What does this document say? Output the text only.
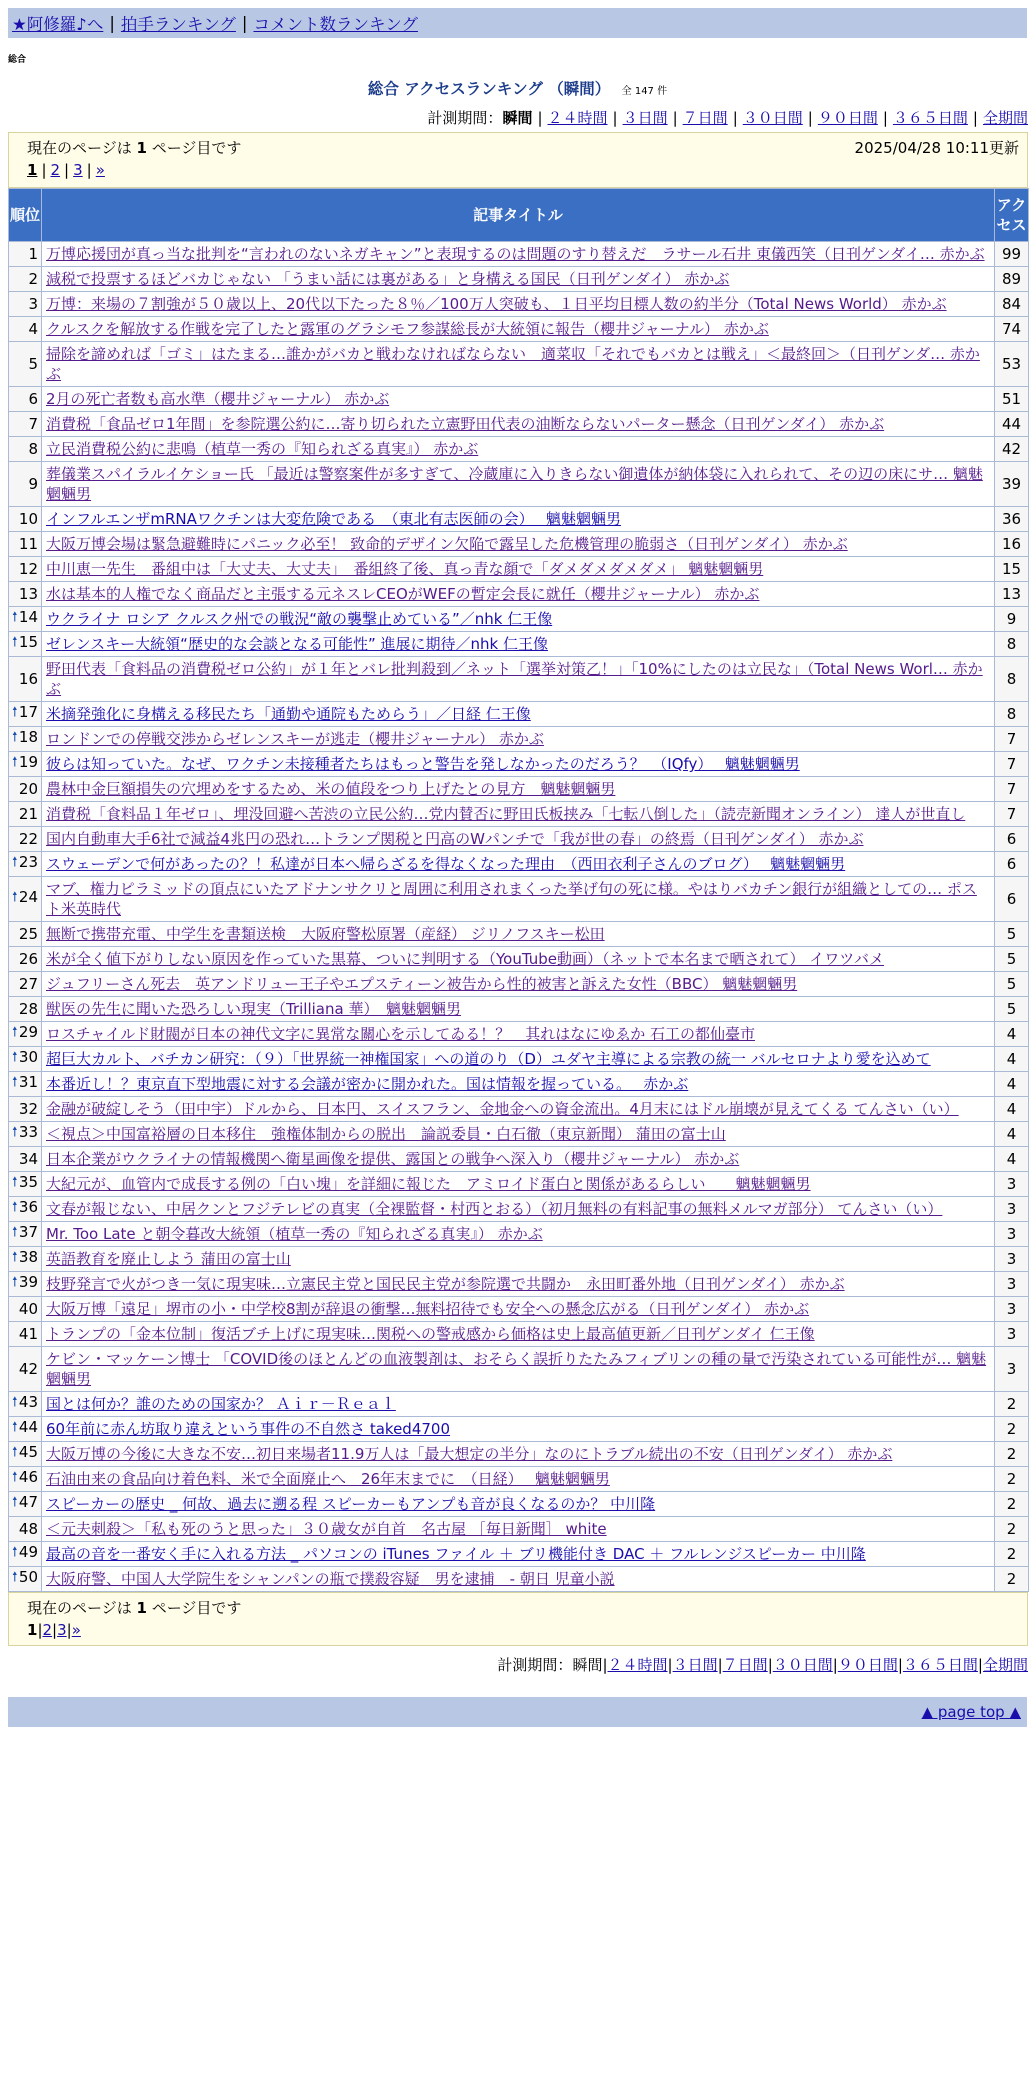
★阿修羅♪へ | 拍手ランキング | コメント数ランキング
総合
総合 アクセスランキング （瞬間） 全 147 件
計測期間：瞬間 | ２４時間 | ３日間 | ７日間 | ３０日間 | ９０日間 | ３６５日間 | 全期間
現在のページは 1 ページ目です	2025/04/28 10:11更新
1 | 2 | 3 | »
順位	記事タイトル	アクセス
1	万博応援団が真っ当な批判を“言われのないネガキャン”と表現するのは問題のすり替えだ　ラサール石井 東儀西笑（日刊ゲンダイ… 赤かぶ	99
2	減税で投票するほどバカじゃない 「うまい話には裏がある」と身構える国民（日刊ゲンダイ） 赤かぶ	89
3	万博：来場の７割強が５０歳以上、20代以下たった８％／100万人突破も、１日平均目標人数の約半分（Total News World） 赤かぶ	84
4	クルスクを解放する作戦を完了したと露軍のグラシモフ参謀総長が大統領に報告（櫻井ジャーナル） 赤かぶ	74
5	掃除を諦めれば「ゴミ」はたまる…誰かがバカと戦わなければならない　適菜収「それでもバカとは戦え」＜最終回＞（日刊ゲンダ… 赤かぶ	53
6	2月の死亡者数も高水準（櫻井ジャーナル） 赤かぶ	51
7	消費税「食品ゼロ1年間」を参院選公約に…寄り切られた立憲野田代表の油断ならないパーター懸念（日刊ゲンダイ） 赤かぶ	44
8	立民消費税公約に悲鳴（植草一秀の『知られざる真実』） 赤かぶ	42
9	葬儀業スパイラルイケショー氏 「最近は警察案件が多すぎて、冷蔵庫に入りきらない御遺体が納体袋に入れられて、その辺の床にサ… 魑魅魍魎男	39
10	インフルエンザmRNAワクチンは大変危険である　（東北有志医師の会）　 魑魅魍魎男	36
11	大阪万博会場は緊急避難時にパニック必至！ 致命的デザイン欠陥で露呈した危機管理の脆弱さ（日刊ゲンダイ） 赤かぶ	16
12	中川恵一先生　番組中は「大丈夫、大丈夫」　番組終了後、真っ青な顔で「ダメダメダメダメ」 魑魅魍魎男	15
13	水は基本的人権でなく商品だと主張する元ネスレCEOがWEFの暫定会長に就任（櫻井ジャーナル） 赤かぶ	13

🠕 14	ウクライナ ロシア クルスク州での戦況“敵の襲撃止めている”／nhk 仁王像	9

🠕 15	ゼレンスキー大統領“歴史的な会談となる可能性” 進展に期待／nhk 仁王像	8
16	野田代表「食料品の消費税ゼロ公約」が１年とバレ批判殺到／ネット「選挙対策乙！」「10%にしたのは立民な」（Total News Worl… 赤かぶ	8

🠕 17	米摘発強化に身構える移民たち「通勤や通院もためらう」／日経 仁王像	8

🠕 18	ロンドンでの停戦交渉からゼレンスキーが逃走（櫻井ジャーナル） 赤かぶ	7

🠕 19	彼らは知っていた。なぜ、ワクチン未接種者たちはもっと警告を発しなかったのだろう？　（IQfy）　 魑魅魍魎男	7
20	農林中金巨額損失の穴埋めをするため、米の値段をつり上げたとの見方　魑魅魍魎男	7
21	消費税「食料品１年ゼロ」、埋没回避へ苦渋の立民公約…党内賛否に野田氏板挟み「七転八倒した」（読売新聞オンライン） 達人が世直し	7
22	国内自動車大手6社で減益4兆円の恐れ…トランプ関税と円高のWパンチで「我が世の春」の終焉（日刊ゲンダイ） 赤かぶ	6

🠕 23	スウェーデンで何があったの？！私達が日本へ帰らざるを得なくなった理由　（西田衣利子さんのブログ）　 魑魅魍魎男	6

🠕 24	マブ、権力ピラミッドの頂点にいたアドナンサクリと周囲に利用されまくった挙げ句の死に様。やはりバカチン銀行が組織としての… ポスト米英時代	6
25	無断で携帯充電、中学生を書類送検　大阪府警松原署（産経） ジリノフスキー松田	5
26	米が全く値下がりしない原因を作っていた黒幕、ついに判明する（YouTube動画）（ネットで本名まで晒されて） イワツバメ	5
27	ジュフリーさん死去　英アンドリュー王子やエプスティーン被告から性的被害と訴えた女性（BBC） 魑魅魍魎男	5
28	獣医の先生に聞いた恐ろしい現実（Trilliana 華）　魑魅魍魎男	5

🠕 29	ロスチャイルド財閥が日本の神代文字に異常な關心を示してゐる！？　其れはなにゆゑか 石工の都仙臺市	4

🠕 30	超巨大カルト、バチカン研究：（９）「世界統一神権国家」への道のり（D）ユダヤ主導による宗教の統一 バルセロナより愛を込めて	4

🠕 31	本番近し！？東京直下型地震に対する会議が密かに開かれた。国は情報を握っている。　 赤かぶ	4
32	金融が破綻しそう（田中宇）ドルから、日本円、スイスフラン、金地金への資金流出。4月末にはドル崩壊が見えてくる てんさい（い）	4

🠕 33	＜視点＞中国富裕層の日本移住　強権体制からの脱出　論説委員・白石徹（東京新聞） 蒲田の富士山	4
34	日本企業がウクライナの情報機関へ衛星画像を提供、露国との戦争へ深入り（櫻井ジャーナル） 赤かぶ	4

🠕 35	大紀元が、血管内で成長する例の「白い塊」を詳細に報じた　アミロイド蛋白と関係があるらしい　　魑魅魍魎男	3

🠕 36	文春が報じない、中居クンとフジテレビの真実（全裸監督・村西とおる）（初月無料の有料記事の無料メルマガ部分） てんさい（い）	3

🠕 37	Mr. Too Late と朝令暮改大統領（植草一秀の『知られざる真実』） 赤かぶ	3

🠕 38	英語教育を廃止しよう 蒲田の富士山	3

🠕 39	枝野発言で火がつき一気に現実味…立憲民主党と国民民主党が参院選で共闘か　永田町番外地（日刊ゲンダイ） 赤かぶ	3
40	大阪万博「遠足」堺市の小・中学校8割が辞退の衝撃…無料招待でも安全への懸念広がる（日刊ゲンダイ） 赤かぶ	3
41	トランプの「金本位制」復活ブチ上げに現実味…関税への警戒感から価格は史上最高値更新／日刊ゲンダイ 仁王像	3
42	ケビン・マッケーン博士 「COVID後のほとんどの血液製剤は、おそらく誤折りたたみフィブリンの種の量で汚染されている可能性が… 魑魅魍魎男	3

🠕 43	国とは何か？誰のための国家か？ Ａｉｒ－Ｒｅａｌ	2

🠕 44	60年前に赤ん坊取り違えという事件の不自然さ taked4700	2

🠕 45	大阪万博の今後に大きな不安…初日来場者11.9万人は「最大想定の半分」なのにトラブル続出の不安（日刊ゲンダイ） 赤かぶ	2

🠕 46	石油由来の食品向け着色料、米で全面廃止へ　26年末までに　（日経）　 魑魅魍魎男	2

🠕 47	スピーカーの歴史 _ 何故、過去に遡る程 スピーカーもアンプも音が良くなるのか？ 中川隆	2
48	＜元夫刺殺＞「私も死のうと思った」３０歳女が自首　名古屋 ［毎日新聞］ white	2

🠕 49	最高の音を一番安く手に入れる方法 _ パソコンの iTunes ファイル ＋ ブリ機能付き DAC ＋ フルレンジスピーカー 中川隆	2

🠕 50	大阪府警、中国人大学院生をシャンパンの瓶で撲殺容疑　男を逮捕　- 朝日 児童小説	2
現在のページは 1 ページ目です
1|2|3|»
計測期間：瞬間|２４時間|３日間|７日間|３０日間|９０日間|３６５日間|全期間
▲ page top ▲
